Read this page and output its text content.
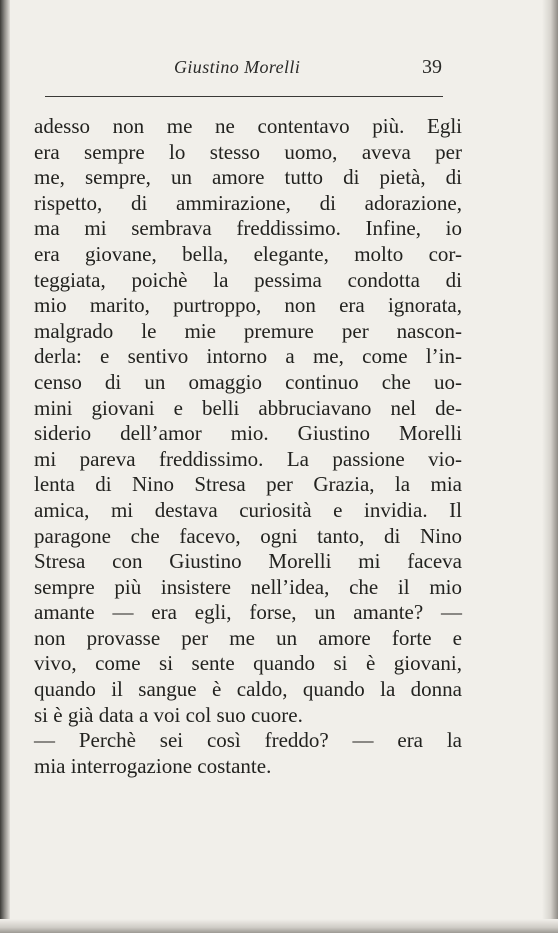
Giustino Morelli	39
adesso non me ne contentavo più. Egli
era sempre lo stesso uomo, aveva per
me, sempre, un amore tutto di pietà, di
rispetto, di ammirazione, di adorazione,
ma mi sembrava freddissimo. Infine, io
era giovane, bella, elegante, molto cor-
teggiata, poichè la pessima condotta di
mio marito, purtroppo, non era ignorata,
malgrado le mie premure per nascon-
derla: e sentivo intorno a me, come l’in-
censo di un omaggio continuo che uo-
mini giovani e belli abbruciavano nel de-
siderio dell’amor mio. Giustino Morelli
mi pareva freddissimo. La passione vio-
lenta di Nino Stresa per Grazia, la mia
amica, mi destava curiosità e invidia. Il
paragone che facevo, ogni tanto, di Nino
Stresa con Giustino Morelli mi faceva
sempre più insistere nell’idea, che il mio
amante — era egli, forse, un amante? —
non provasse per me un amore forte e
vivo, come si sente quando si è giovani,
quando il sangue è caldo, quando la donna
si è già data a voi col suo cuore.
— Perchè sei così freddo? — era la
mia interrogazione costante.
